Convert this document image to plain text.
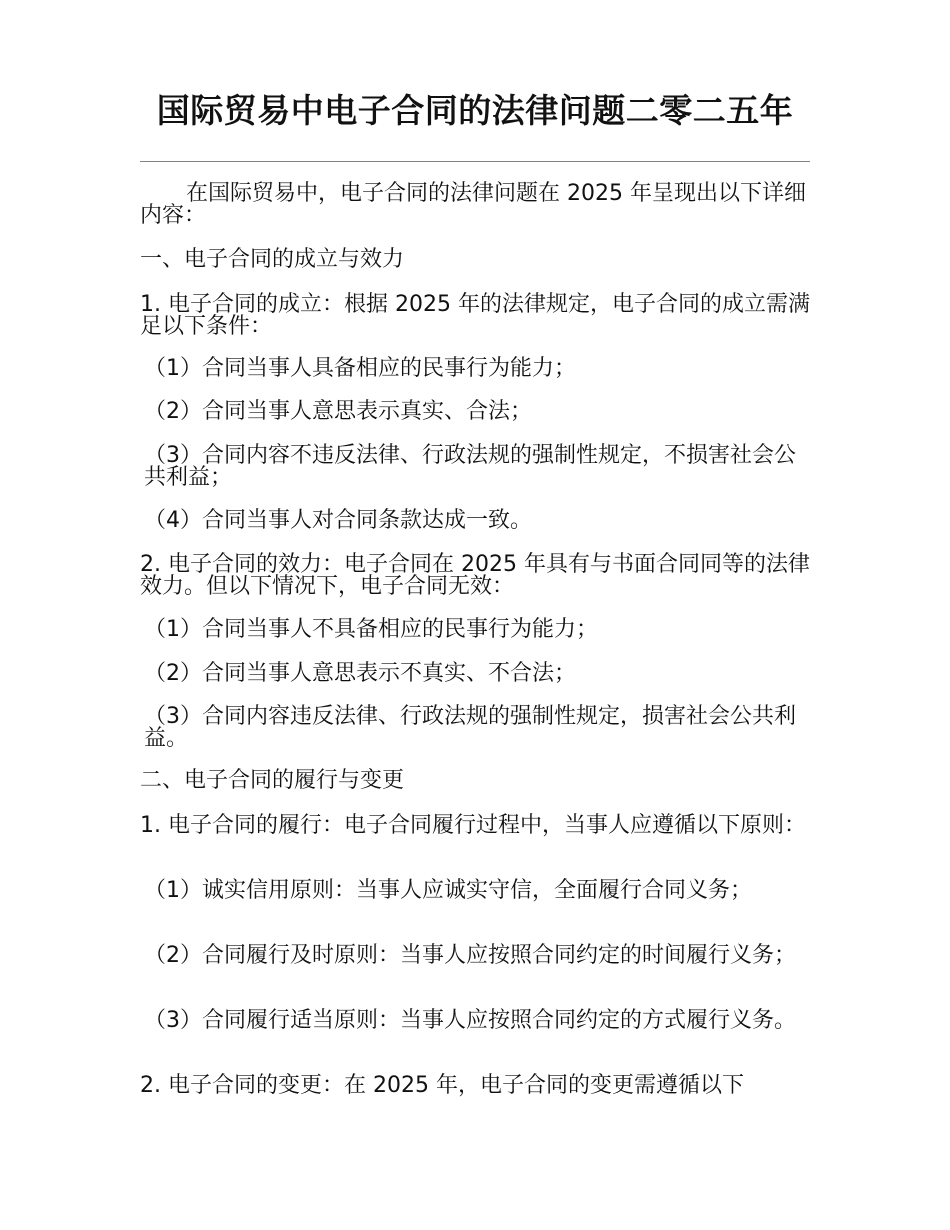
国际贸易中电子合同的法律问题二零二五年

在国际贸易中，电子合同的法律问题在 2025 年呈现出以下详细内容：

一、电子合同的成立与效力

1. 电子合同的成立：根据 2025 年的法律规定，电子合同的成立需满足以下条件：

（1）合同当事人具备相应的民事行为能力；

（2）合同当事人意思表示真实、合法；

（3）合同内容不违反法律、行政法规的强制性规定，不损害社会公共利益；

（4）合同当事人对合同条款达成一致。

2. 电子合同的效力：电子合同在 2025 年具有与书面合同同等的法律效力。但以下情况下，电子合同无效：

（1）合同当事人不具备相应的民事行为能力；

（2）合同当事人意思表示不真实、不合法；

（3）合同内容违反法律、行政法规的强制性规定，损害社会公共利益。

二、电子合同的履行与变更

1. 电子合同的履行：电子合同履行过程中，当事人应遵循以下原则：

（1）诚实信用原则：当事人应诚实守信，全面履行合同义务；

（2）合同履行及时原则：当事人应按照合同约定的时间履行义务；

（3）合同履行适当原则：当事人应按照合同约定的方式履行义务。

2. 电子合同的变更：在 2025 年，电子合同的变更需遵循以下
